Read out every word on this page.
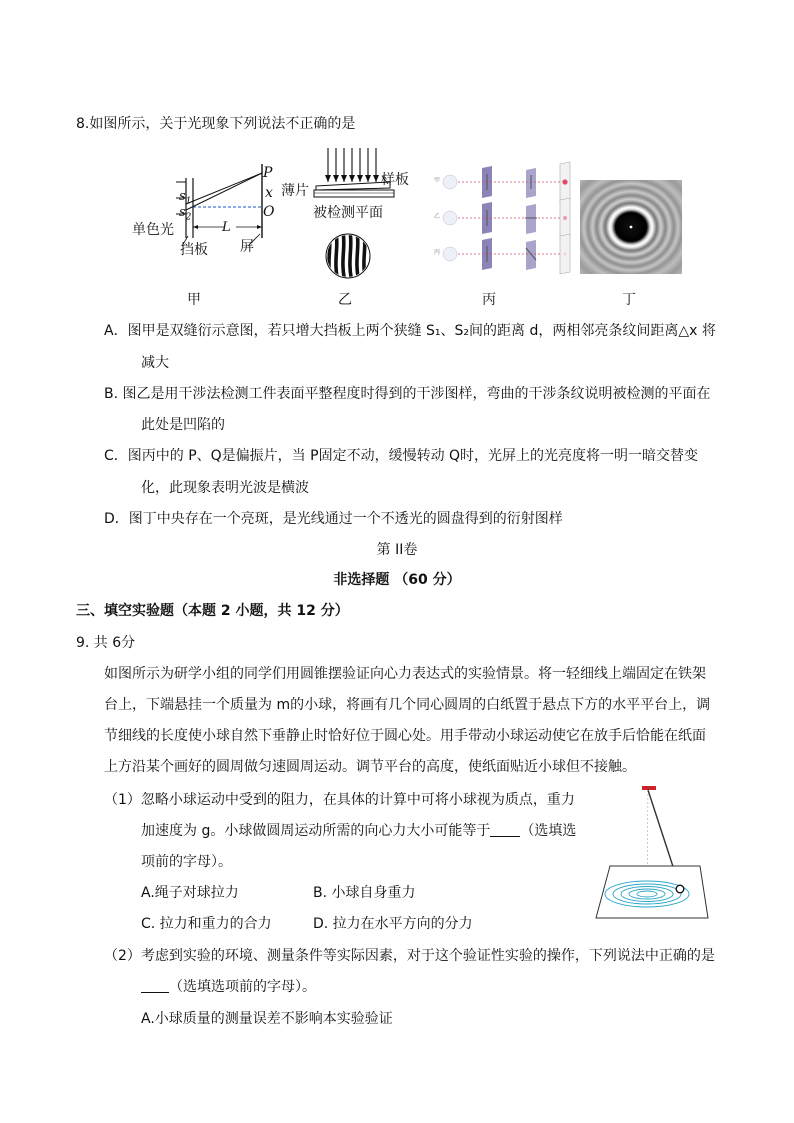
8.如图所示，关于光现象下列说法不正确的是
$s_1$
$s_2$
P
x
O
L
单色光
挡板 屏
薄片
样板
被检测平面
甲
乙
丙
甲	乙	丙	丁
A．图甲是双缝衍示意图，若只增大挡板上两个狭缝 S₁、S₂间的距离 d，两相邻亮条纹间距离△x 将
减大
B. 图乙是用干涉法检测工件表面平整程度时得到的干涉图样，弯曲的干涉条纹说明被检测的平面在
此处是凹陷的
C．图丙中的 P、Q是偏振片，当 P固定不动，缓慢转动 Q时，光屏上的光亮度将一明一暗交替变
化，此现象表明光波是横波
D．图丁中央存在一个亮斑，是光线通过一个不透光的圆盘得到的衍射图样
第 II卷
非选择题 （60 分）
三、填空实验题（本题 2 小题，共 12 分）
9. 共 6分
如图所示为研学小组的同学们用圆锥摆验证向心力表达式的实验情景。将一轻细线上端固定在铁架
台上，下端悬挂一个质量为 m的小球，将画有几个同心圆周的白纸置于悬点下方的水平平台上，调
节细线的长度使小球自然下垂静止时恰好位于圆心处。用手带动小球运动使它在放手后恰能在纸面
上方沿某个画好的圆周做匀速圆周运动。调节平台的高度，使纸面贴近小球但不接触。
（1）忽略小球运动中受到的阻力，在具体的计算中可将小球视为质点，重力
加速度为 g。小球做圆周运动所需的向心力大小可能等于 （选填选
项前的字母）。
A.绳子对球拉力	B. 小球自身重力
C. 拉力和重力的合力	D. 拉力在水平方向的分力
（2）考虑到实验的环境、测量条件等实际因素，对于这个验证性实验的操作，下列说法中正确的是
（选填选项前的字母）。
A.小球质量的测量误差不影响本实验验证
